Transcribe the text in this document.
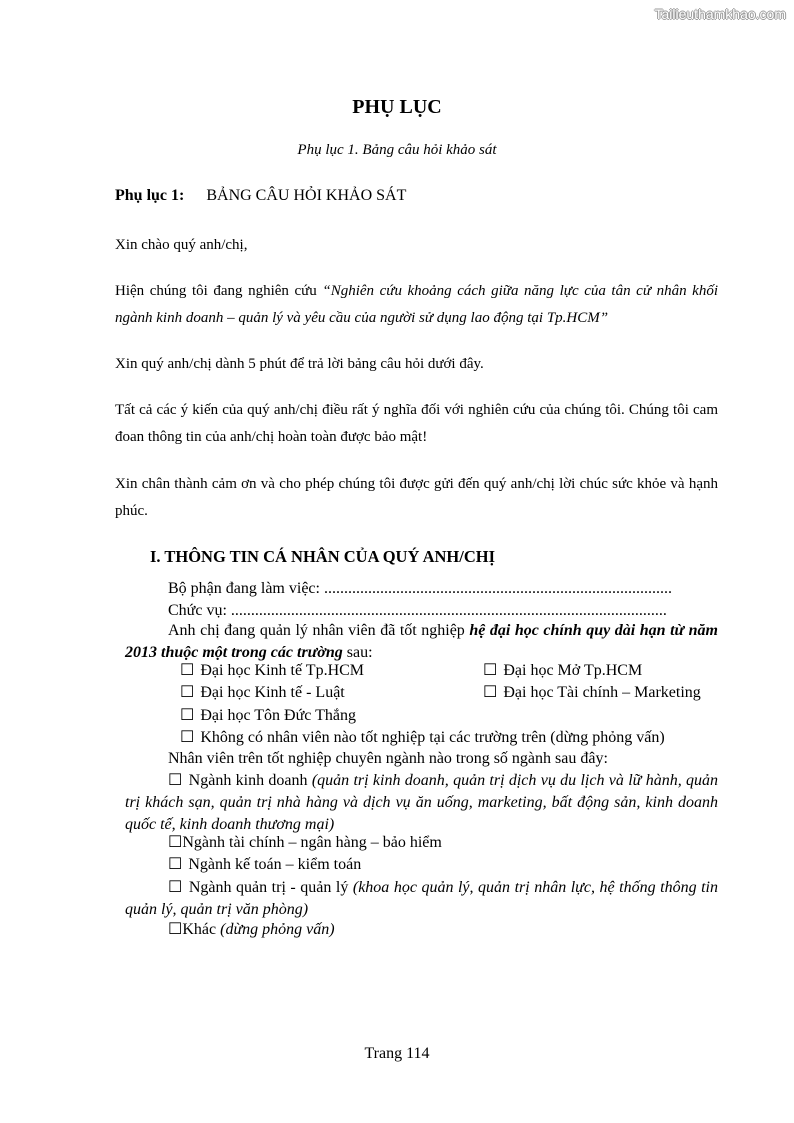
Tailieuthamkhao.com
PHỤ LỤC
Phụ lục 1. Bảng câu hỏi khảo sát
Phụ lục 1: BẢNG CÂU HỎI KHẢO SÁT
Xin chào quý anh/chị,
Hiện chúng tôi đang nghiên cứu “Nghiên cứu khoảng cách giữa năng lực của tân cử nhân khối ngành kinh doanh – quản lý và yêu cầu của người sử dụng lao động tại Tp.HCM”
Xin quý anh/chị dành 5 phút để trả lời bảng câu hỏi dưới đây.
Tất cả các ý kiến của quý anh/chị điều rất ý nghĩa đối với nghiên cứu của chúng tôi. Chúng tôi cam đoan thông tin của anh/chị hoàn toàn được bảo mật!
Xin chân thành cảm ơn và cho phép chúng tôi được gửi đến quý anh/chị lời chúc sức khỏe và hạnh phúc.
I. THÔNG TIN CÁ NHÂN CỦA QUÝ ANH/CHỊ
Bộ phận đang làm việc: .......................................................................................
Chức vụ: .............................................................................................................
Anh chị đang quản lý nhân viên đã tốt nghiệp hệ đại học chính quy dài hạn từ năm 2013 thuộc một trong các trường sau:
☐ Đại học Kinh tế Tp.HCM	☐ Đại học Mở Tp.HCM
☐ Đại học Kinh tế - Luật	☐ Đại học Tài chính – Marketing
☐ Đại học Tôn Đức Thắng
☐ Không có nhân viên nào tốt nghiệp tại các trường trên (dừng phỏng vấn)
Nhân viên trên tốt nghiệp chuyên ngành nào trong số ngành sau đây:
☐ Ngành kinh doanh (quản trị kinh doanh, quản trị dịch vụ du lịch và lữ hành, quản trị khách sạn, quản trị nhà hàng và dịch vụ ăn uống, marketing, bất động sản, kinh doanh quốc tế, kinh doanh thương mại)
☐Ngành tài chính – ngân hàng – bảo hiểm
☐ Ngành kế toán – kiểm toán
☐ Ngành quản trị - quản lý (khoa học quản lý, quản trị nhân lực, hệ thống thông tin quản lý, quản trị văn phòng)
☐Khác (dừng phỏng vấn)
Trang 114
